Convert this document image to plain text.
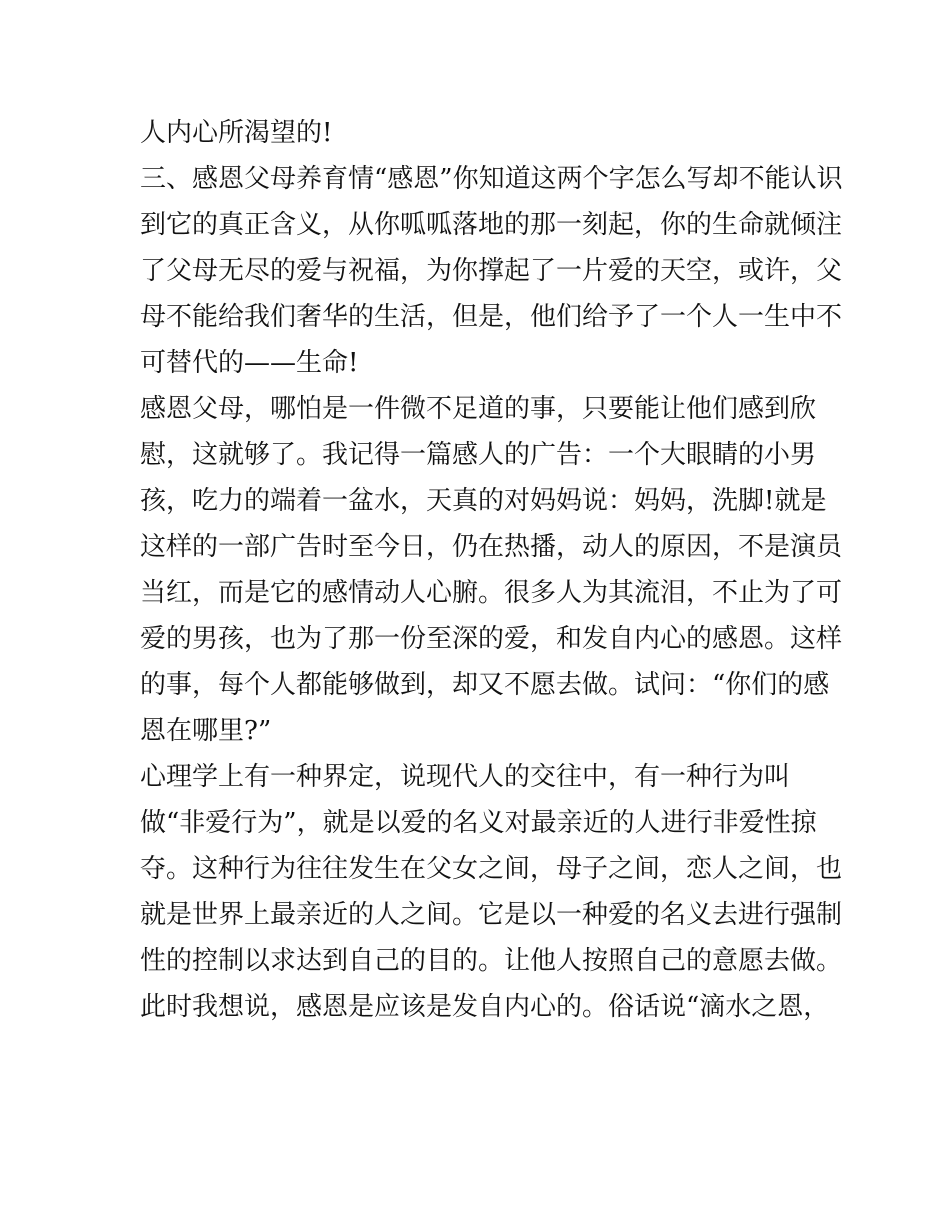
人内心所渴望的!
三、感恩父母养育情“感恩”你知道这两个字怎么写却不能认识
到它的真正含义，从你呱呱落地的那一刻起，你的生命就倾注
了父母无尽的爱与祝福，为你撑起了一片爱的天空，或许，父
母不能给我们奢华的生活，但是，他们给予了一个人一生中不
可替代的——生命!
感恩父母，哪怕是一件微不足道的事，只要能让他们感到欣
慰，这就够了。我记得一篇感人的广告：一个大眼睛的小男
孩，吃力的端着一盆水，天真的对妈妈说：妈妈，洗脚!就是
这样的一部广告时至今日，仍在热播，动人的原因，不是演员
当红，而是它的感情动人心腑。很多人为其流泪，不止为了可
爱的男孩，也为了那一份至深的爱，和发自内心的感恩。这样
的事，每个人都能够做到，却又不愿去做。试问：“你们的感
恩在哪里?”
心理学上有一种界定，说现代人的交往中，有一种行为叫
做“非爱行为”，就是以爱的名义对最亲近的人进行非爱性掠
夺。这种行为往往发生在父女之间，母子之间，恋人之间，也
就是世界上最亲近的人之间。它是以一种爱的名义去进行强制
性的控制以求达到自己的目的。让他人按照自己的意愿去做。
此时我想说，感恩是应该是发自内心的。俗话说“滴水之恩，
